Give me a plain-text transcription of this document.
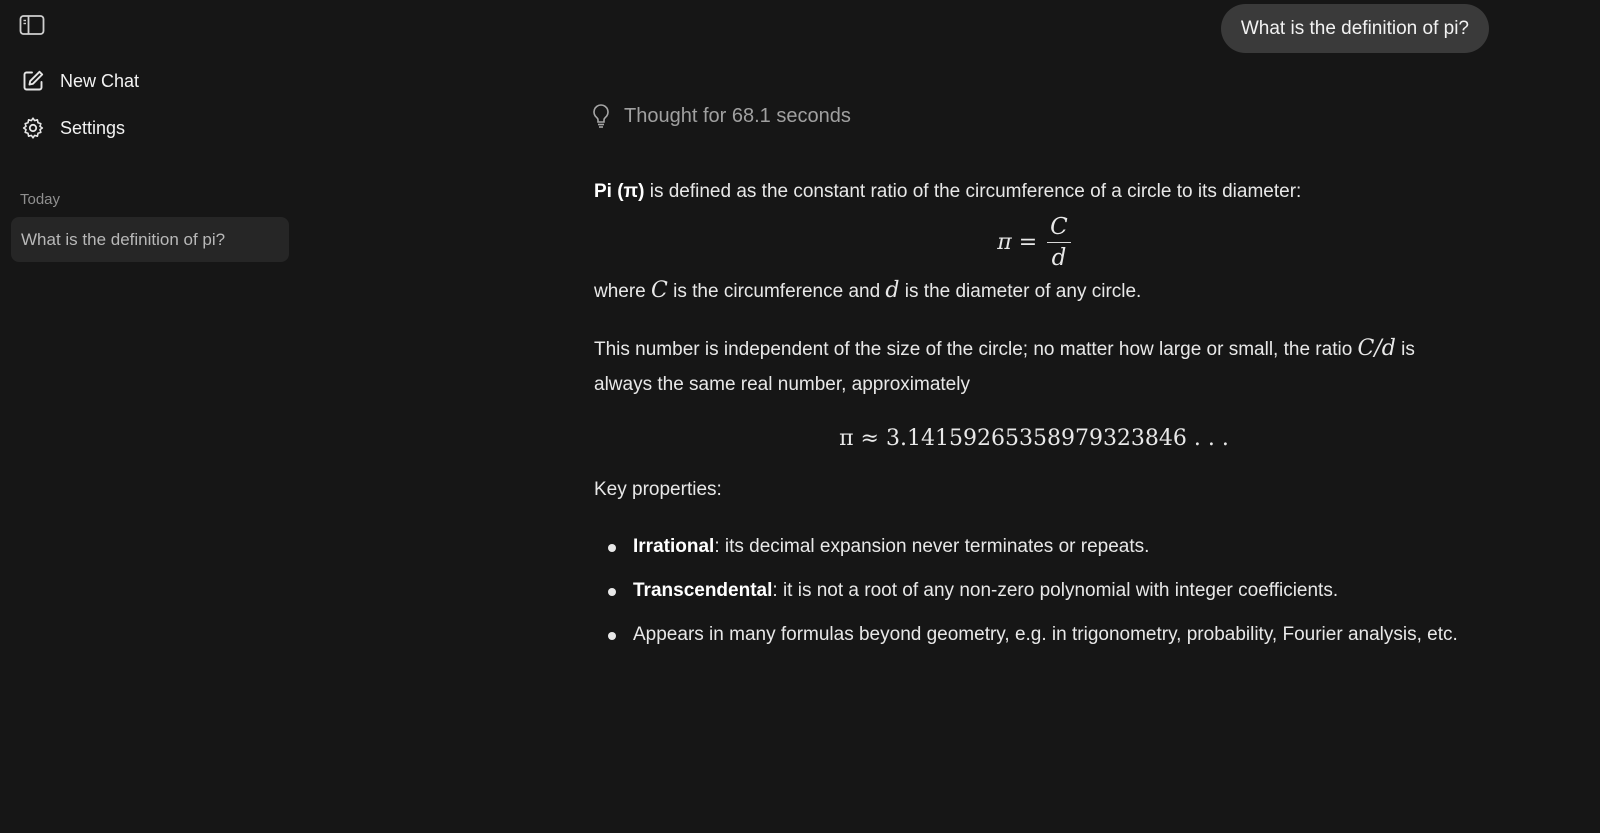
New Chat
Settings
Today
What is the definition of pi?
What is the definition of pi?
Thought for 68.1 seconds
Pi (π) is defined as the constant ratio of the circumference of a circle to its diameter:
$\pi = \frac{C}{d}$
where C is the circumference and d is the diameter of any circle.
This number is independent of the size of the circle; no matter how large or small, the ratio C/d is always the same real number, approximately
π ≈ 3.14159265358979323846 . . .
Key properties:
Irrational: its decimal expansion never terminates or repeats.
Transcendental: it is not a root of any non-zero polynomial with integer coefficients.
Appears in many formulas beyond geometry, e.g. in trigonometry, probability, Fourier analysis, etc.
